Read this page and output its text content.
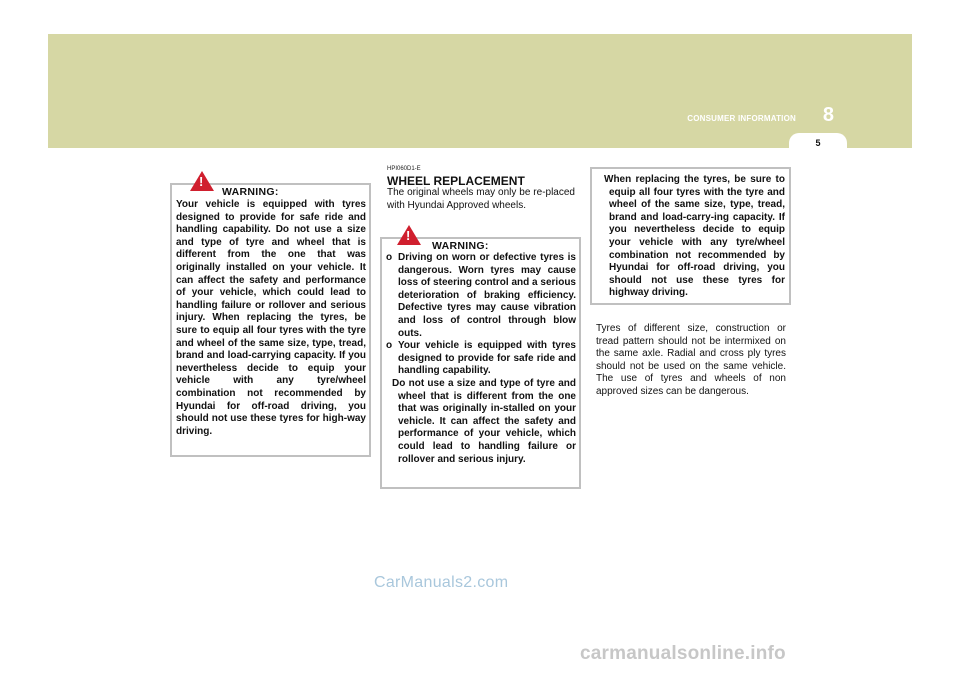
CONSUMER INFORMATION 8
5
!
WARNING:
Your vehicle is equipped with tyres designed to provide for safe ride and handling capability. Do not use a size and type of tyre and wheel that is different from the one that was originally installed on your vehicle. It can affect the safety and performance of your vehicle, which could lead to handling failure or rollover and serious injury. When replacing the tyres, be sure to equip all four tyres with the tyre and wheel of the same size, type, tread, brand and load-carrying capacity. If you nevertheless decide to equip your vehicle with any tyre/wheel combination not recommended by Hyundai for off-road driving, you should not use these tyres for high-way driving.
HPI060D1-E
WHEEL REPLACEMENT
The original wheels may only be re-placed with Hyundai Approved wheels.
!
WARNING:
o Driving on worn or defective tyres is dangerous. Worn tyres may cause loss of steering control and a serious deterioration of braking efficiency. Defective tyres may cause vibration and loss of control through blow outs.
o Your vehicle is equipped with tyres designed to provide for safe ride and handling capability.
Do not use a size and type of tyre and wheel that is different from the one that was originally in-stalled on your vehicle. It can affect the safety and performance of your vehicle, which could lead to handling failure or rollover and serious injury.
When replacing the tyres, be sure to equip all four tyres with the tyre and wheel of the same size, type, tread, brand and load-carry-ing capacity. If you nevertheless decide to equip your vehicle with any tyre/wheel combination not recommended by Hyundai for off-road driving, you should not use these tyres for highway driving.
Tyres of different size, construction or tread pattern should not be intermixed on the same axle. Radial and cross ply tyres should not be used on the same vehicle. The use of tyres and wheels of non approved sizes can be dangerous.
CarManuals2.com
carmanualsonline.info
